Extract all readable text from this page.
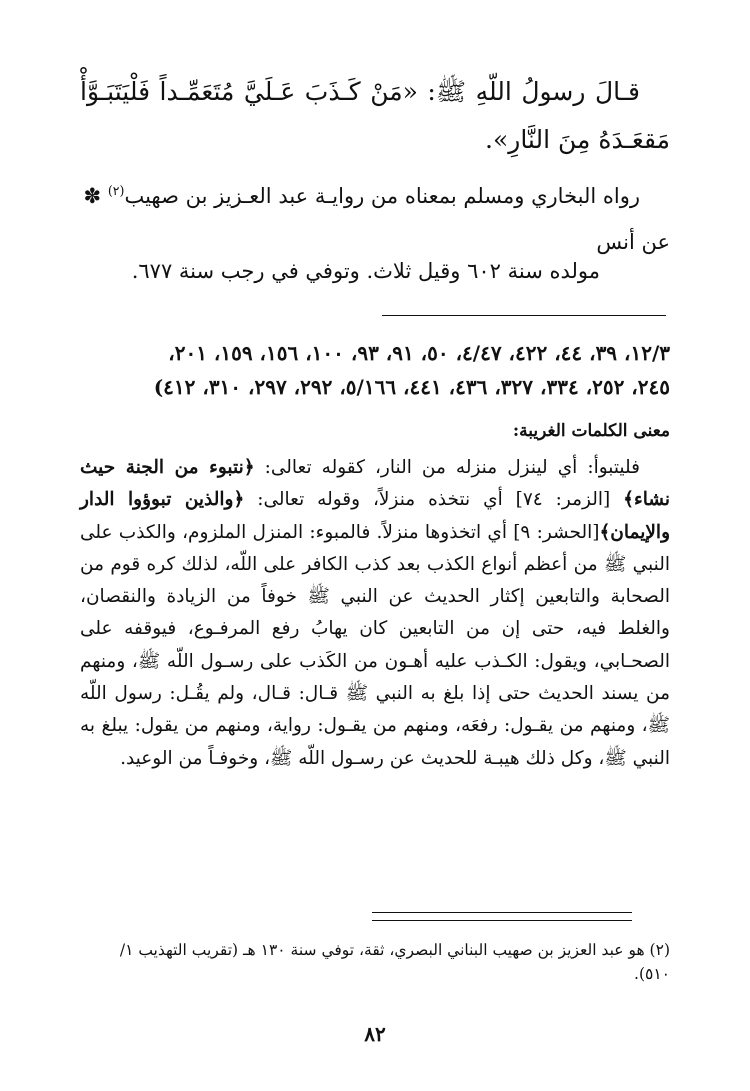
قـالَ رسولُ اللّهِ ﷺ: «مَنْ كَـذَبَ عَـلَيَّ مُتَعَمِّـداً فَلْيَتَبَـوَّأْ مَقعَـدَهُ مِنَ النَّارِ».
رواه البخاري ومسلم بمعناه من روايـة عبد العـزيز بن صهيب$^{(٢)}$ ✽
عن أنس
مولده سنة ٦٠٢ وقيل ثلاث. وتوفي في رجب سنة ٦٧٧.
١٢/٣، ٣٩، ٤٤، ٤٢٢، ٤/٤٧، ٥٠، ٩١، ٩٣، ١٠٠، ١٥٦، ١٥٩، ٢٠١،
٢٤٥، ٢٥٢، ٣٣٤، ٣٢٧، ٤٣٦، ٤٤١، ٥/١٦٦، ٢٩٢، ٢٩٧، ٣١٠، ٤١٢)
معنى الكلمات الغريبة:
فليتبوأ: أي لينزل منزله من النار، كقوله تعالى: ﴿نتبوء من الجنة حيث نشاء﴾ [الزمر: ٧٤] أي نتخذه منزلاً، وقوله تعالى: ﴿والذين تبوؤوا الدار والإيمان﴾[الحشر: ٩] أي اتخذوها منزلاً. فالمبوء: المنزل الملزوم، والكذب على النبي ﷺ من أعظم أنواع الكذب بعد كذب الكافر على اللّه، لذلك كره قوم من الصحابة والتابعين إكثار الحديث عن النبي ﷺ خوفاً من الزيادة والنقصان، والغلط فيه، حتى إن من التابعين كان يهابُ رفع المرفـوع، فيوقفه على الصحـابي، ويقول: الكـذب عليه أهـون من الكَذب على رسـول اللّه ﷺ، ومنهم من يسند الحديث حتى إذا بلغ به النبي ﷺ قـال: قـال، ولم يقُـل: رسول اللّه ﷺ، ومنهم من يقـول: رفعَه، ومنهم من يقـول: رواية، ومنهم من يقول: يبلغ به النبي ﷺ، وكل ذلك هيبـة للحديث عن رسـول اللّه ﷺ، وخوفـاً من الوعيد.
(٢) هو عبد العزيز بن صهيب البناني البصري، ثقة، توفي سنة ١٣٠ هـ (تقريب التهذيب ١/ ٥١٠).
٨٢
